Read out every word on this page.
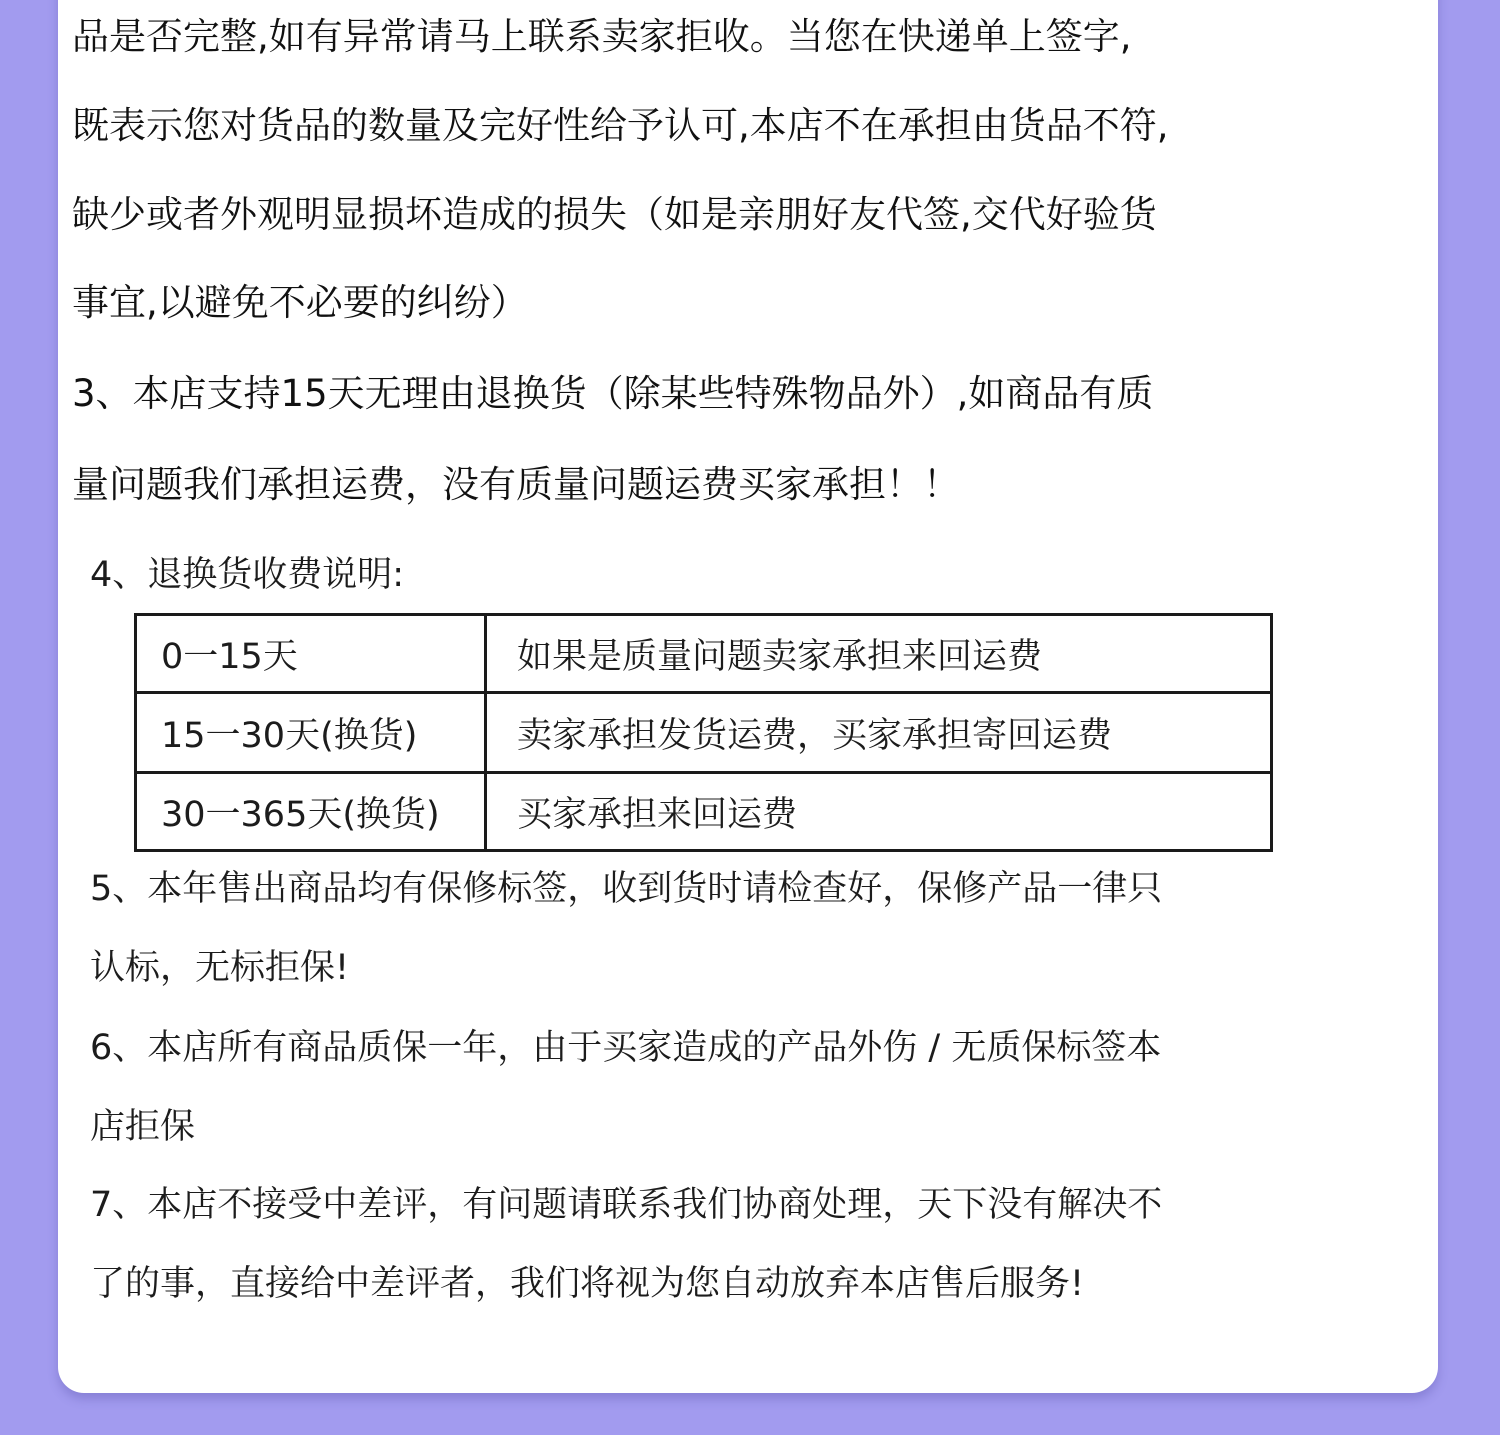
品是否完整,如有异常请马上联系卖家拒收。当您在快递单上签字,
既表示您对货品的数量及完好性给予认可,本店不在承担由货品不符,
缺少或者外观明显损坏造成的损失（如是亲朋好友代签,交代好验货
事宜,以避免不必要的纠纷）
3、本店支持15天无理由退换货（除某些特殊物品外）,如商品有质
量问题我们承担运费，没有质量问题运费买家承担！！
4、退换货收费说明:
0一15天	如果是质量问题卖家承担来回运费
15一30天(换货)	卖家承担发货运费，买家承担寄回运费
30一365天(换货)	买家承担来回运费
5、本年售出商品均有保修标签，收到货时请检查好，保修产品一律只
认标，无标拒保!
6、本店所有商品质保一年，由于买家造成的产品外伤 / 无质保标签本
店拒保
7、本店不接受中差评，有问题请联系我们协商处理，天下没有解决不
了的事，直接给中差评者，我们将视为您自动放弃本店售后服务!
